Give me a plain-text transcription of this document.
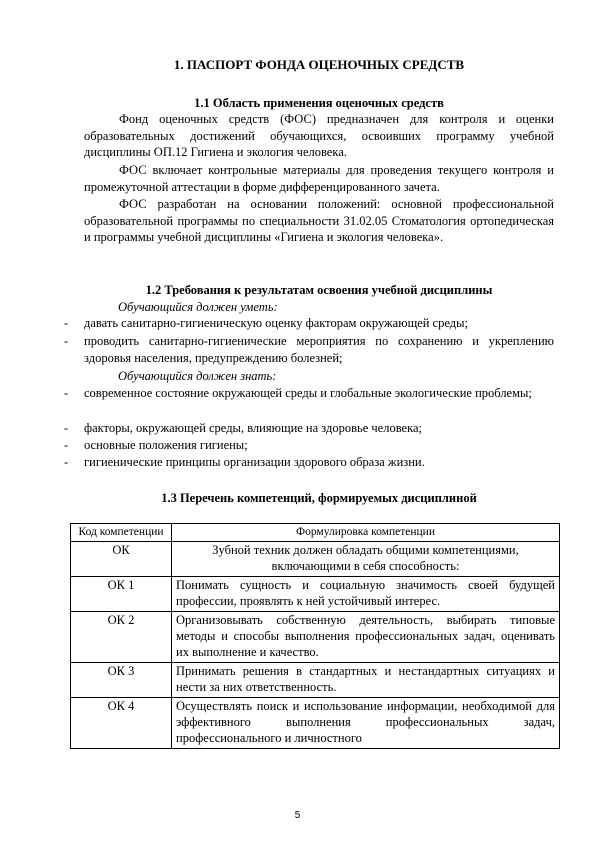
1. ПАСПОРТ ФОНДА ОЦЕНОЧНЫХ СРЕДСТВ
1.1 Область применения оценочных средств
Фонд оценочных средств (ФОС) предназначен для контроля и оценки образовательных достижений обучающихся, освоивших программу учебной дисциплины ОП.12 Гигиена и экология человека.
ФОС включает контрольные материалы для проведения текущего контроля и промежуточной аттестации в форме дифференцированного зачета.
ФОС разработан на основании положений: основной профессиональной образовательной программы по специальности 31.02.05 Стоматология ортопедическая и программы учебной дисциплины «Гигиена и экология человека».
1.2 Требования к результатам освоения учебной дисциплины
Обучающийся должен уметь:
- давать санитарно-гигиеническую оценку факторам окружающей среды;
- проводить санитарно-гигиенические мероприятия по сохранению и укреплению здоровья населения, предупреждению болезней;
Обучающийся должен знать:
- современное состояние окружающей среды и глобальные экологические проблемы;
- факторы, окружающей среды, влияющие на здоровье человека;
- основные положения гигиены;
- гигиенические принципы организации здорового образа жизни.
1.3 Перечень компетенций, формируемых дисциплиной
Код компетенции	Формулировка компетенции
ОК	Зубной техник должен обладать общими компетенциями, включающими в себя способность:
ОК 1	Понимать сущность и социальную значимость своей будущей профессии, проявлять к ней устойчивый интерес.
ОК 2	Организовывать собственную деятельность, выбирать типовые методы и способы выполнения профессиональных задач, оценивать их выполнение и качество.
ОК 3	Принимать решения в стандартных и нестандартных ситуациях и нести за них ответственность.
ОК 4	Осуществлять поиск и использование информации, необходимой для эффективного выполнения профессиональных задач, профессионального и личностного
5
